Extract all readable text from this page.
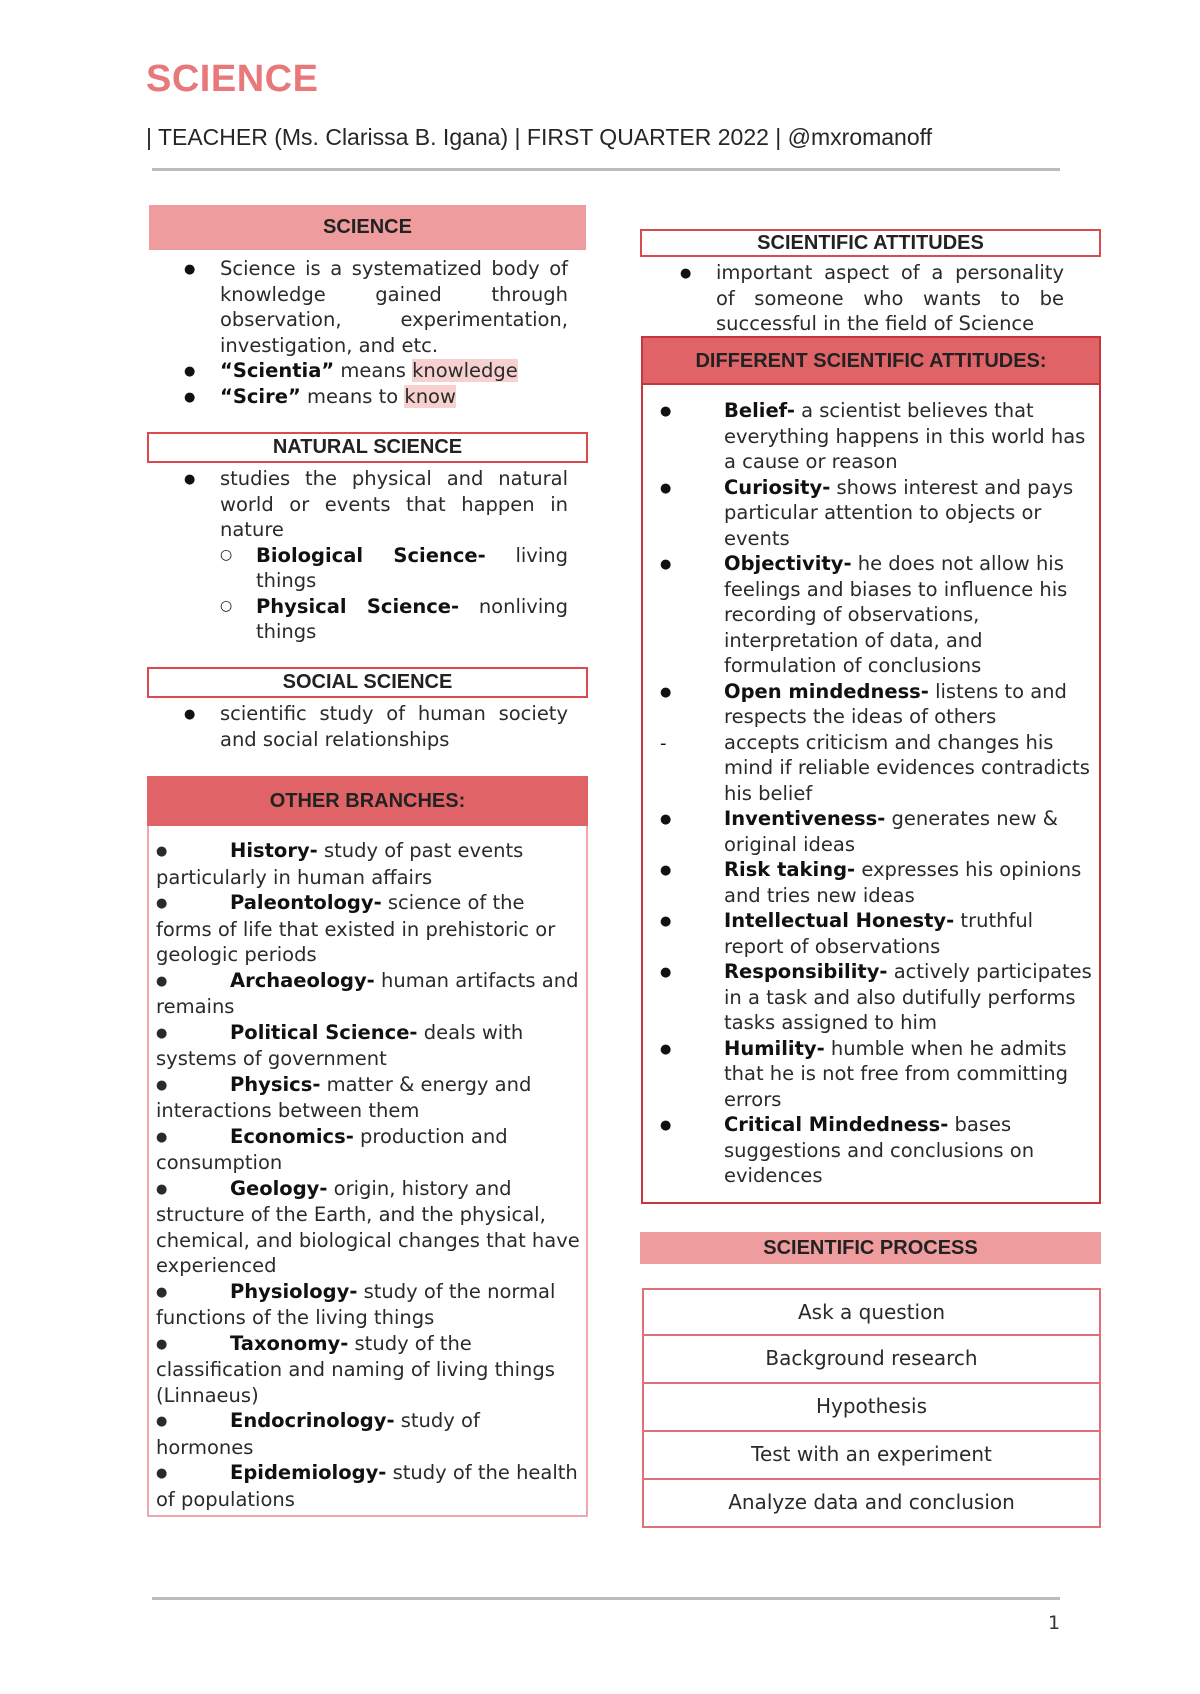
SCIENCE
| TEACHER (Ms. Clarissa B. Igana) | FIRST QUARTER 2022 | @mxromanoff
SCIENCE
● Science is a systematized body of knowledge gained through observation, experimentation, investigation, and etc.
● “Scientia” means knowledge
● “Scire” means to know
NATURAL SCIENCE
● studies the physical and natural world or events that happen in nature
○ Biological Science- living things
○ Physical Science- nonliving things
SOCIAL SCIENCE
● scientific study of human society and social relationships
OTHER BRANCHES:
●	History- study of past events particularly in human affairs
●	Paleontology- science of the forms of life that existed in prehistoric or geologic periods
●	Archaeology- human artifacts and remains
●	Political Science- deals with systems of government
●	Physics- matter & energy and interactions between them
●	Economics- production and consumption
●	Geology- origin, history and structure of the Earth, and the physical, chemical, and biological changes that have experienced
●	Physiology- study of the normal functions of the living things
●	Taxonomy- study of the classification and naming of living things (Linnaeus)
●	Endocrinology- study of hormones
●	Epidemiology- study of the health of populations
SCIENTIFIC ATTITUDES
● important aspect of a personality of someone who wants to be successful in the field of Science
DIFFERENT SCIENTIFIC ATTITUDES:
●	Belief- a scientist believes that everything happens in this world has a cause or reason
●	Curiosity- shows interest and pays particular attention to objects or events
●	Objectivity- he does not allow his feelings and biases to influence his recording of observations, interpretation of data, and formulation of conclusions
●	Open mindedness- listens to and respects the ideas of others
-	accepts criticism and changes his mind if reliable evidences contradicts his belief
●	Inventiveness- generates new & original ideas
●	Risk taking- expresses his opinions and tries new ideas
●	Intellectual Honesty- truthful report of observations
●	Responsibility- actively participates in a task and also dutifully performs tasks assigned to him
●	Humility- humble when he admits that he is not free from committing errors
●	Critical Mindedness- bases suggestions and conclusions on evidences
SCIENTIFIC PROCESS
Ask a question
Background research
Hypothesis
Test with an experiment
Analyze data and conclusion
1
